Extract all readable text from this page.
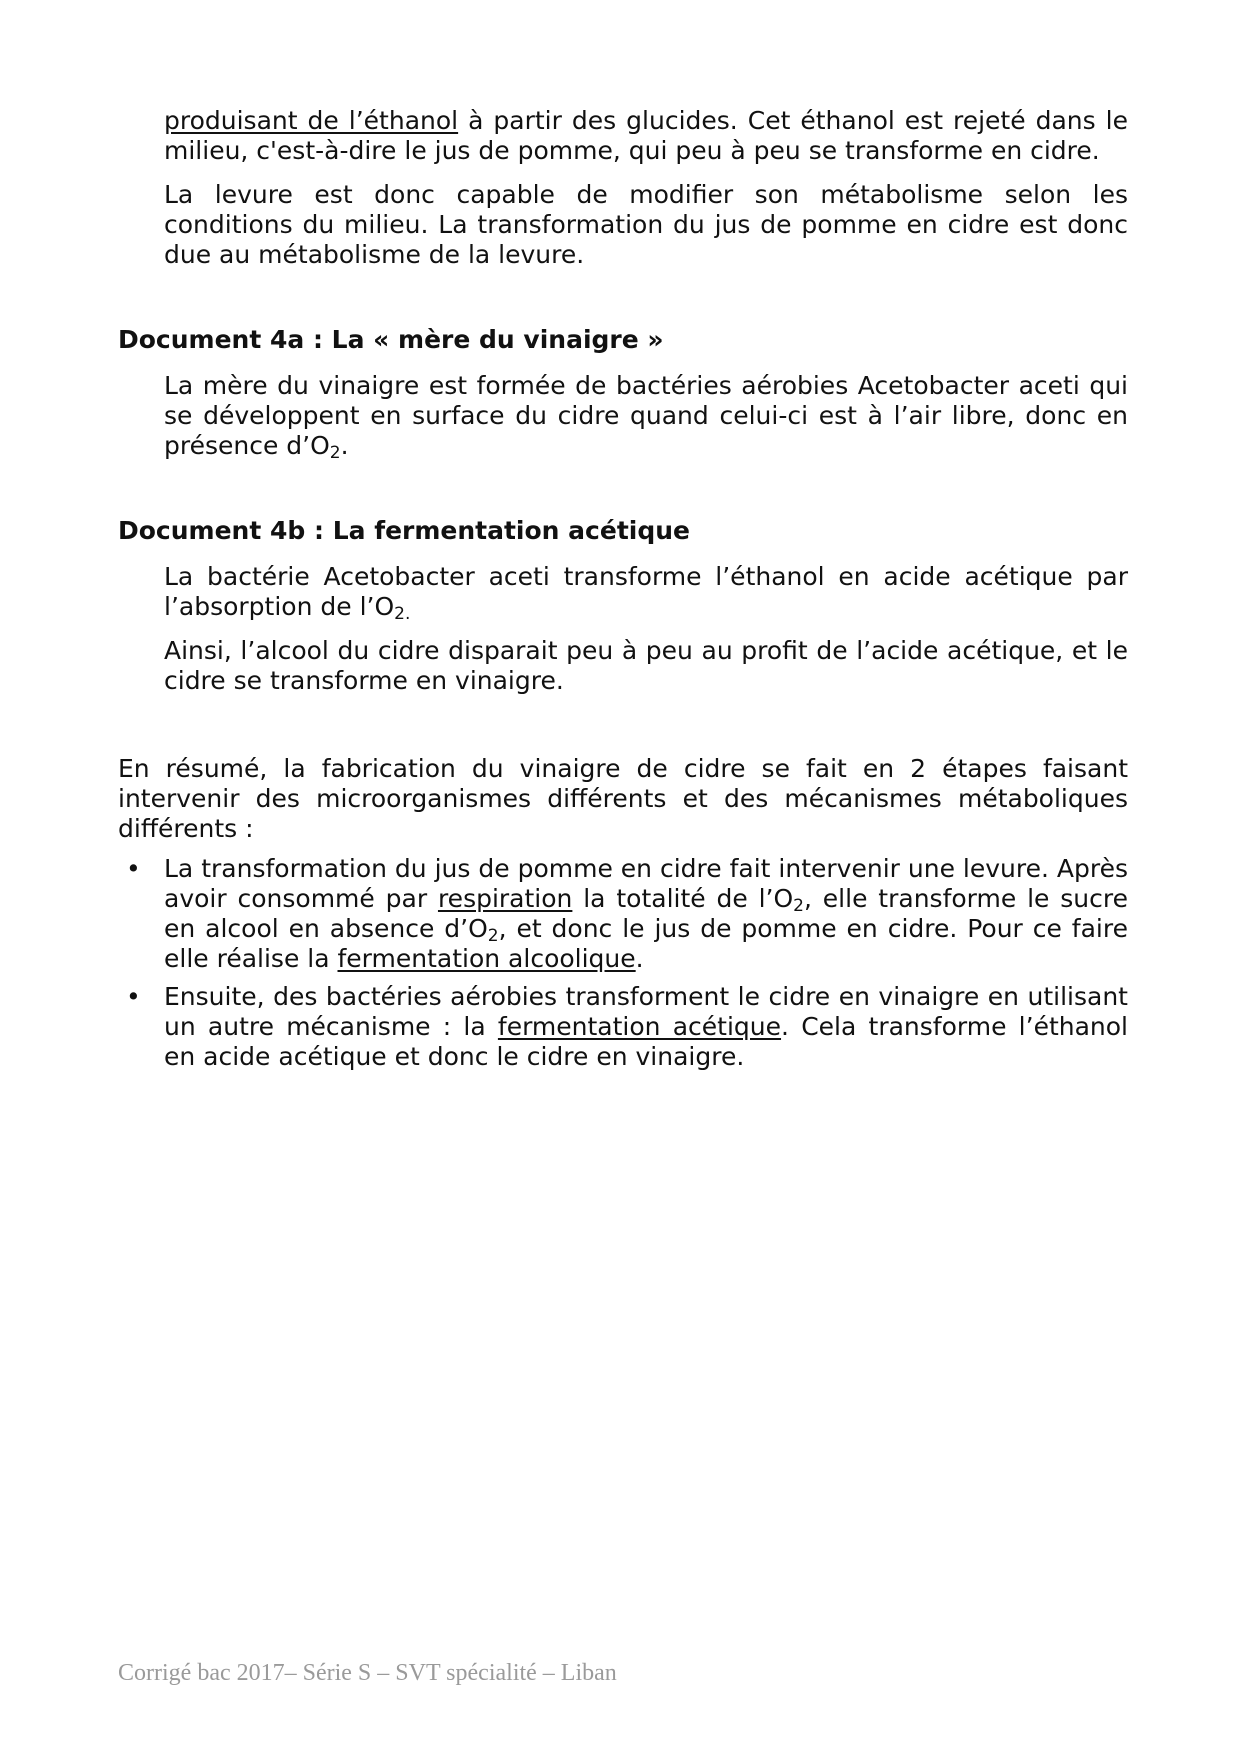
produisant de l’éthanol à partir des glucides. Cet éthanol est rejeté dans le milieu, c'est-à-dire le jus de pomme, qui peu à peu se transforme en cidre.

La levure est donc capable de modifier son métabolisme selon les conditions du milieu. La transformation du jus de pomme en cidre est donc due au métabolisme de la levure.

Document 4a : La « mère du vinaigre »

La mère du vinaigre est formée de bactéries aérobies Acetobacter aceti qui se développent en surface du cidre quand celui-ci est à l’air libre, donc en présence $d’O_2$.

Document 4b : La fermentation acétique

La bactérie Acetobacter aceti transforme l’éthanol en acide acétique par l’absorption de $l’O_{2.}$

Ainsi, l’alcool du cidre disparait peu à peu au profit de l’acide acétique, et le cidre se transforme en vinaigre.

En résumé, la fabrication du vinaigre de cidre se fait en 2 étapes faisant intervenir des microorganismes différents et des mécanismes métaboliques différents :

• La transformation du jus de pomme en cidre fait intervenir une levure. Après avoir consommé par respiration la totalité de $l’O_2$, elle transforme le sucre en alcool en absence $d’O_2$, et donc le jus de pomme en cidre. Pour ce faire elle réalise la fermentation alcoolique.

• Ensuite, des bactéries aérobies transforment le cidre en vinaigre en utilisant un autre mécanisme : la fermentation acétique. Cela transforme l’éthanol en acide acétique et donc le cidre en vinaigre.

Corrigé bac 2017– Série S – SVT spécialité – Liban
